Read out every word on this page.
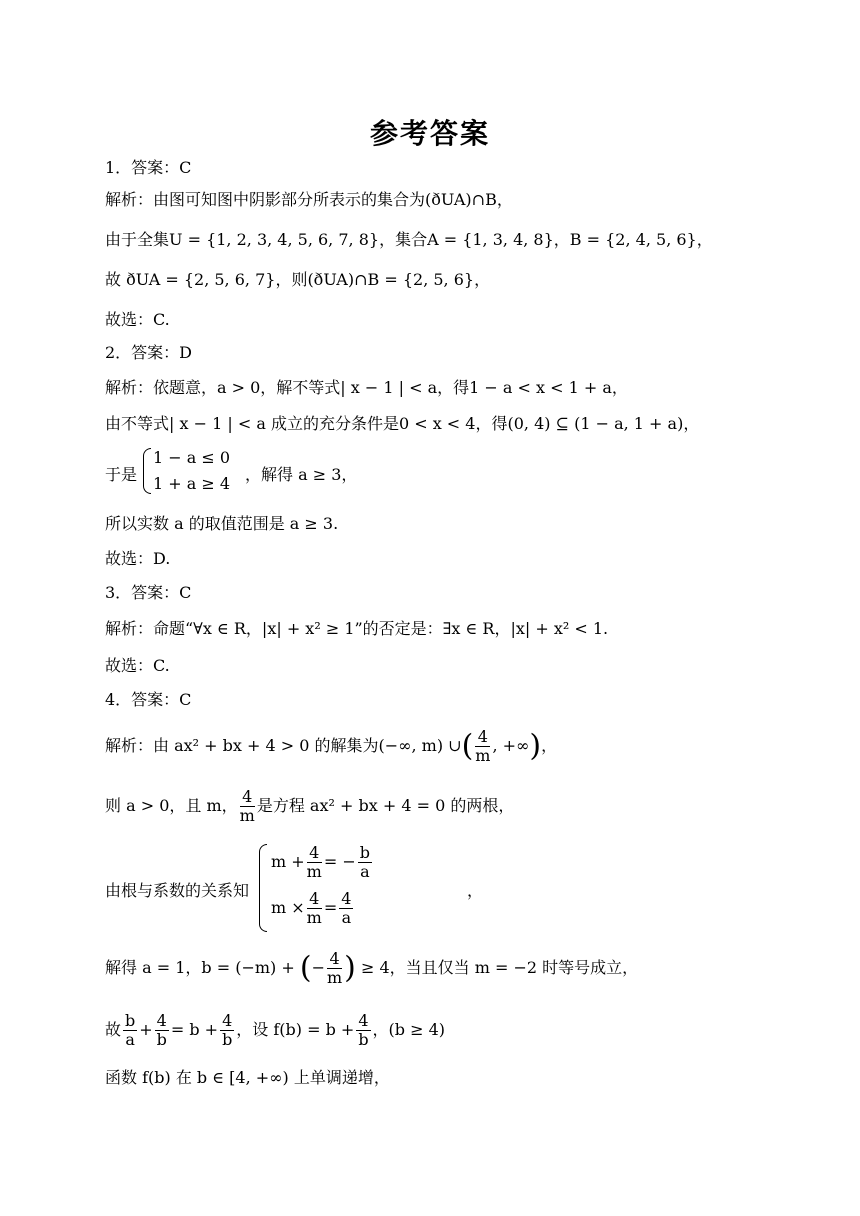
参考答案
1．答案：C
解析：由图可知图中阴影部分所表示的集合为(ðUA)∩B，
由于全集U = {1, 2, 3, 4, 5, 6, 7, 8}，集合A = {1, 3, 4, 8}，B = {2, 4, 5, 6}，
故 ðUA = {2, 5, 6, 7}，则(ðUA)∩B = {2, 5, 6}，
故选：C.
2．答案：D
解析：依题意，a > 0，解不等式| x − 1 | < a，得1 − a < x < 1 + a，
由不等式| x − 1 | < a 成立的充分条件是0 < x < 4，得(0, 4) ⊆ (1 − a, 1 + a)，
于是
1 − a ≤ 0
1 + a ≥ 4 ，解得 a ≥ 3，
所以实数 a 的取值范围是 a ≥ 3.
故选：D.
3．答案：C
解析：命题“∀x ∈ R，|x| + x² ≥ 1”的否定是：∃x ∈ R，|x| + x² < 1.
故选：C.
4．答案：C
解析：由 ax² + bx + 4 > 0 的解集为(−∞, m) ∪( $\frac{4}{m}$ , +∞)，
则 a > 0，且 m， $\frac{4}{m}$ 是方程 ax² + bx + 4 = 0 的两根，
由根与系数的关系知
$m + \frac{4}{m}$ = − $\frac{b}{a}$
$m \times \frac{4}{m} = \frac{4}{a}$	，
解得 a = 1，b = (−m) + (− $\frac{4}{m}$ ) ≥ 4，当且仅当 m = −2 时等号成立，
故 $\frac{b}{a} + \frac{4}{b} = b + \frac{4}{b}$ ，设 $f(b) = b + \frac{4}{b}$ ，(b ≥ 4)
函数 f(b) 在 b ∈ [4, +∞) 上单调递增，
